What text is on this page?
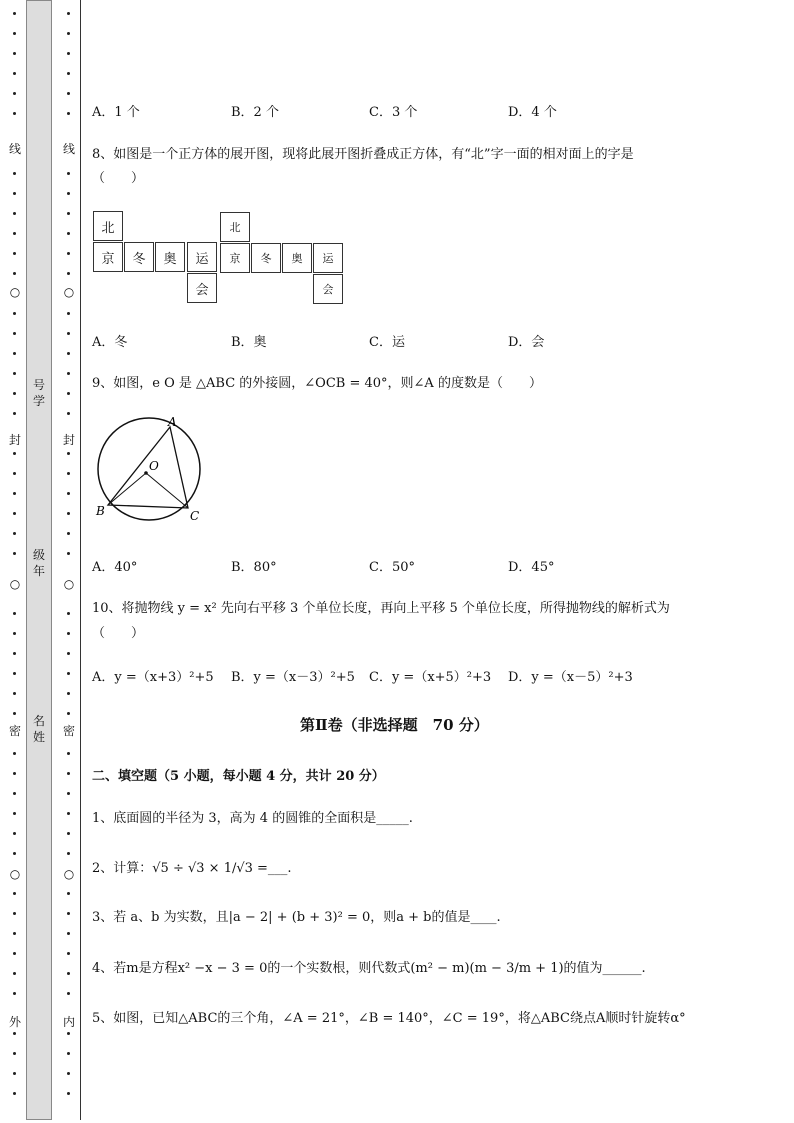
线
○
封
○
密
○
外
号
学
级
年
名
姓
线
○
封
○
密
○
内
A．1 个	B．2 个	C．3 个	D．4 个
8、如图是一个正方体的展开图，现将此展开图折叠成正方体，有“北”字一面的相对面上的字是
（　　）
北
京	冬	奥	运
会
北
京	冬	奥	运
会
A．冬	B．奥	C．运	D．会
9、如图，e O 是 △ABC 的外接圆，∠OCB = 40°，则∠A 的度数是（　　）
A
B	C
O
A．40°	B．80°	C．50°	D．45°
10、将抛物线 y = x² 先向右平移 3 个单位长度，再向上平移 5 个单位长度，所得抛物线的解析式为
（　　）
A．y =（x+3）²+5 B．y =（x－3）²+5 C．y =（x+5）²+3 D．y =（x－5）²+3
第Ⅱ卷（非选择题　70 分）
二、填空题（5 小题，每小题 4 分，共计 20 分）
1、底面圆的半径为 3，高为 4 的圆锥的全面积是_____.
2、计算：√5 ÷ √3 × 1/√3 =___.
3、若 a、b 为实数，且|a − 2| + (b + 3)² = 0，则a + b的值是____.
4、若m是方程x² −x − 3 = 0的一个实数根，则代数式(m² − m)(m − 3/m + 1)的值为______.
5、如图，已知△ABC的三个角，∠A = 21°，∠B = 140°，∠C = 19°，将△ABC绕点A顺时针旋转α°
